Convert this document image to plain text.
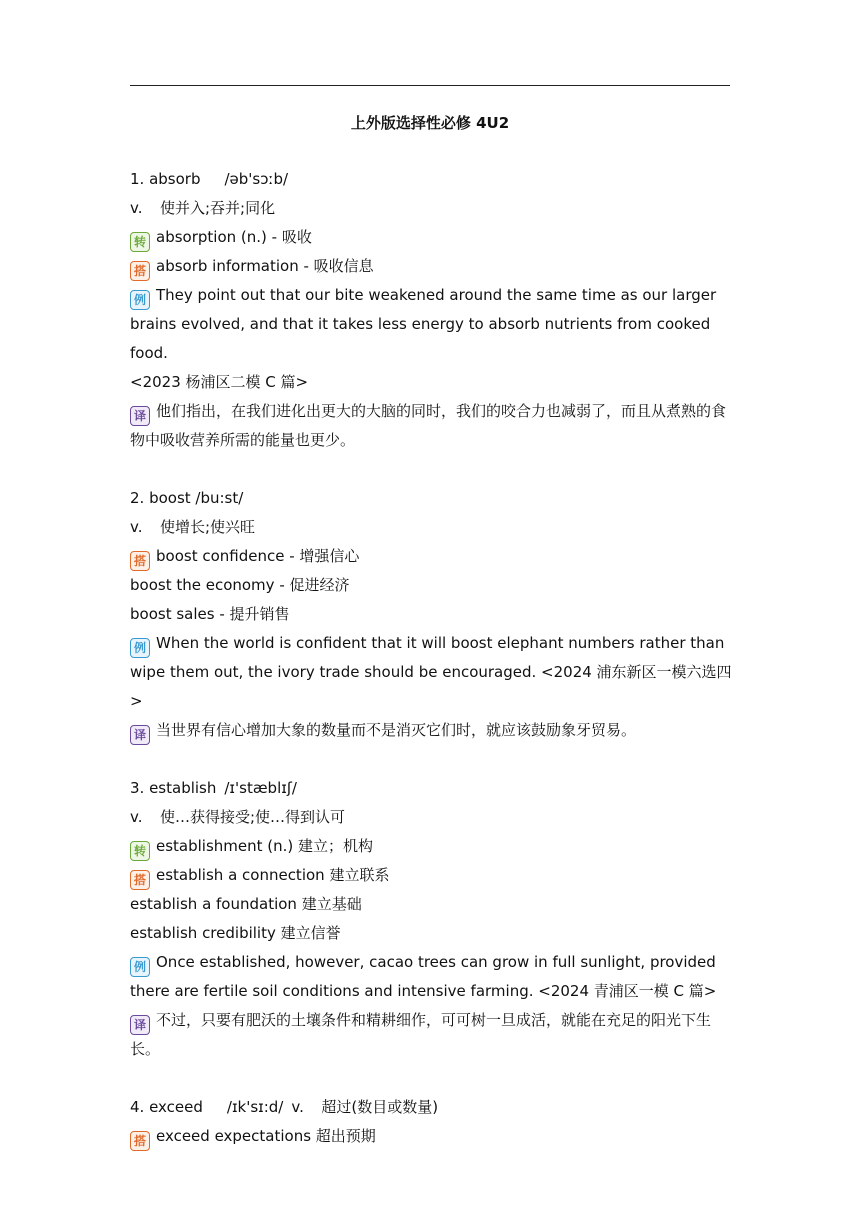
上外版选择性必修 4U2
1. absorb /əb'sɔːb/
v. 使并入;吞并;同化
转 absorption (n.) - 吸收
搭 absorb information - 吸收信息
例 They point out that our bite weakened around the same time as our larger brains evolved, and that it takes less energy to absorb nutrients from cooked food.
<2023 杨浦区二模 C 篇>
译 他们指出，在我们进化出更大的大脑的同时，我们的咬合力也减弱了，而且从煮熟的食物中吸收营养所需的能量也更少。
2. boost /bu:st/
v. 使增长;使兴旺
搭 boost confidence - 增强信心
boost the economy - 促进经济
boost sales - 提升销售
例 When the world is confident that it will boost elephant numbers rather than wipe them out, the ivory trade should be encouraged. <2024 浦东新区一模六选四>
译 当世界有信心增加大象的数量而不是消灭它们时，就应该鼓励象牙贸易。
3. establish /ɪ'stæblɪʃ/
v. 使…获得接受;使…得到认可
转 establishment (n.) 建立；机构
搭 establish a connection 建立联系
establish a foundation 建立基础
establish credibility 建立信誉
例 Once established, however, cacao trees can grow in full sunlight, provided there are fertile soil conditions and intensive farming. <2024 青浦区一模 C 篇>
译 不过，只要有肥沃的土壤条件和精耕细作，可可树一旦成活，就能在充足的阳光下生长。
4. exceed /ɪk'sɪ:d/ v. 超过(数目或数量)
搭 exceed expectations 超出预期
